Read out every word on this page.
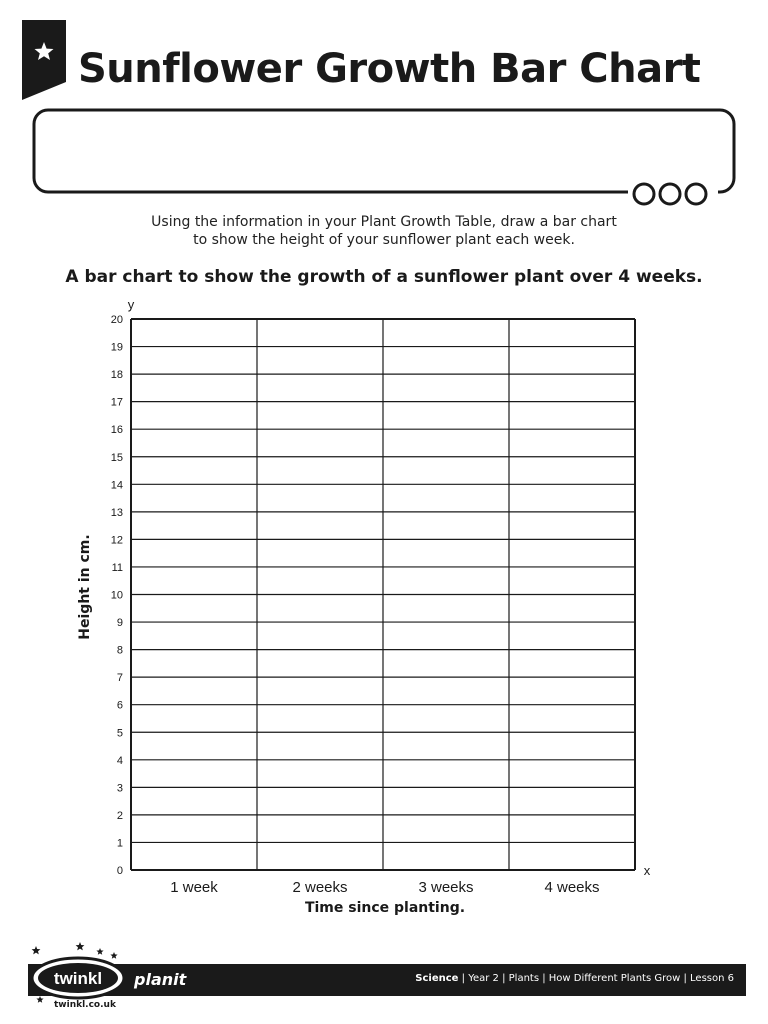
Sunflower Growth Bar Chart
Using the information in your Plant Growth Table, draw a bar chart
to show the height of your sunflower plant each week.
A bar chart to show the growth of a sunflower plant over 4 weeks.
0
1
2
3
4
5
6
7
8
9
10
11
12
13
14
15
16
17
18
19
20
1 week	2 weeks	3 weeks	4 weeks
y
x
Height in cm.
Time since planting.
Science | Year 2 | Plants | How Different Plants Grow | Lesson 6
twinkl planit
twinkl.co.uk
